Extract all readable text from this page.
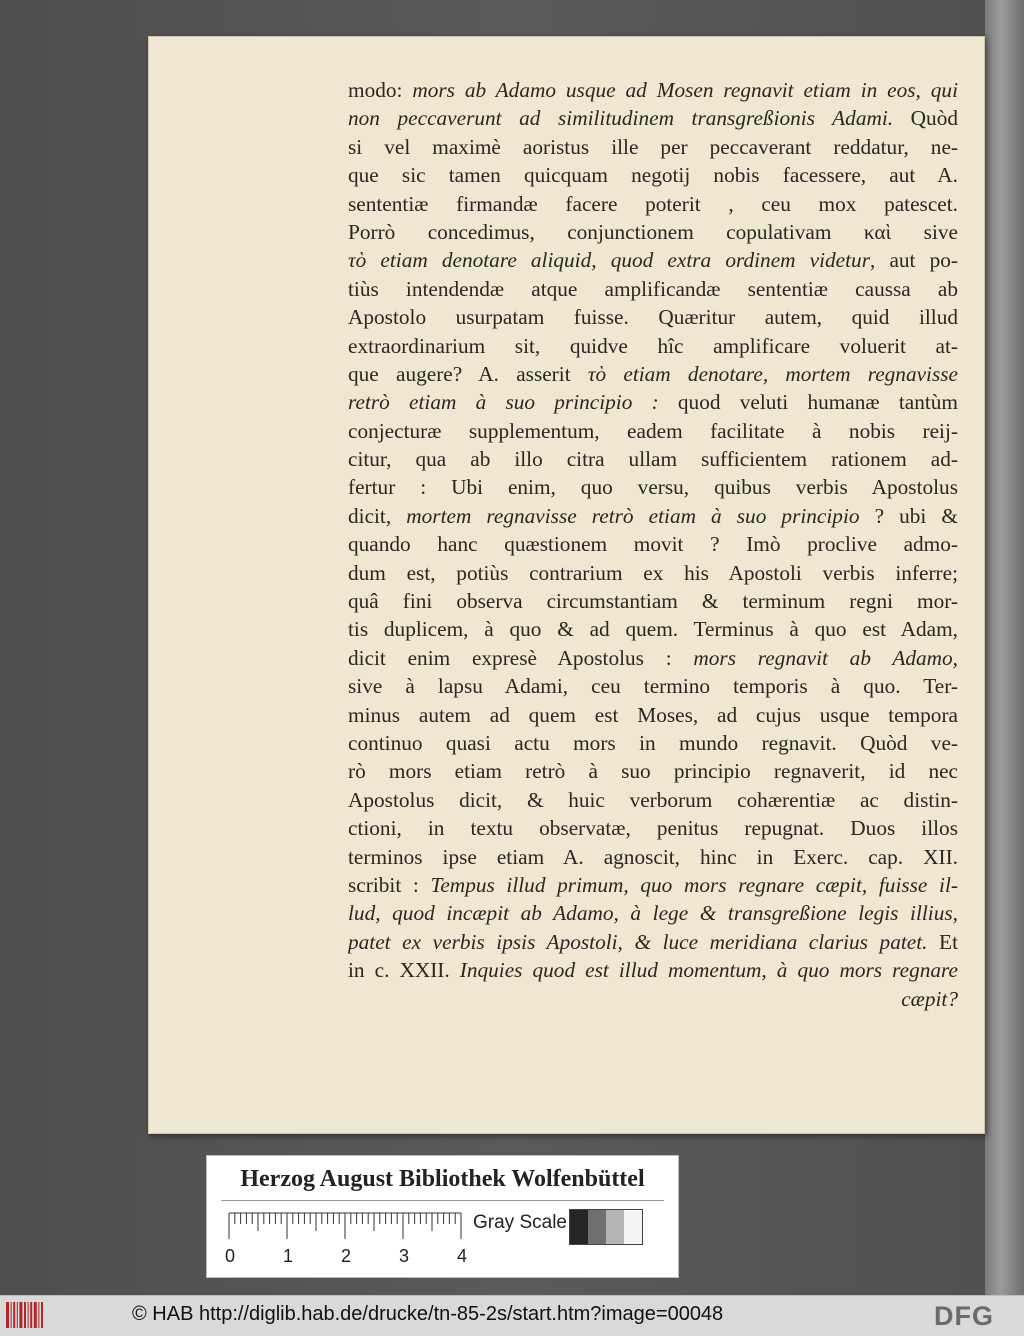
modo: mors ab Adamo usque ad Mosen regnavit etiam in eos, qui
non peccaverunt ad similitudinem transgreßionis Adami. Quòd
si vel maximè aoristus ille per peccaverant reddatur, ne-
que sic tamen quicquam negotij nobis facessere, aut A.
sententiæ firmandæ facere poterit , ceu mox patescet.
Porrò concedimus, conjunctionem copulativam καὶ sive
τὸ etiam denotare aliquid, quod extra ordinem videtur, aut po-
tiùs intendendæ atque amplificandæ sententiæ caussa ab
Apostolo usurpatam fuisse. Quæritur autem, quid illud
extraordinarium sit, quidve hîc amplificare voluerit at-
que augere? A. asserit τὸ etiam denotare, mortem regnavisse
retrò etiam à suo principio : quod veluti humanæ tantùm
conjecturæ supplementum, eadem facilitate à nobis reij-
citur, qua ab illo citra ullam sufficientem rationem ad-
fertur : Ubi enim, quo versu, quibus verbis Apostolus
dicit, mortem regnavisse retrò etiam à suo principio ? ubi &
quando hanc quæstionem movit ? Imò proclive admo-
dum est, potiùs contrarium ex his Apostoli verbis inferre;
quâ fini observa circumstantiam & terminum regni mor-
tis duplicem, à quo & ad quem. Terminus à quo est Adam,
dicit enim expresè Apostolus : mors regnavit ab Adamo,
sive à lapsu Adami, ceu termino temporis à quo. Ter-
minus autem ad quem est Moses, ad cujus usque tempora
continuo quasi actu mors in mundo regnavit. Quòd ve-
rò mors etiam retrò à suo principio regnaverit, id nec
Apostolus dicit, & huic verborum cohærentiæ ac distin-
ctioni, in textu observatæ, penitus repugnat. Duos illos
terminos ipse etiam A. agnoscit, hinc in Exerc. cap. XII.
scribit : Tempus illud primum, quo mors regnare cæpit, fuisse il-
lud, quod incæpit ab Adamo, à lege & transgreßione legis illius,
patet ex verbis ipsis Apostoli, & luce meridiana clarius patet. Et
in c. XXII. Inquies quod est illud momentum, à quo mors regnare
cæpit?
Herzog August Bibliothek Wolfenbüttel
0	1	2	3	4
Gray Scale
© HAB http://diglib.hab.de/drucke/tn-85-2s/start.htm?image=00048	DFG
